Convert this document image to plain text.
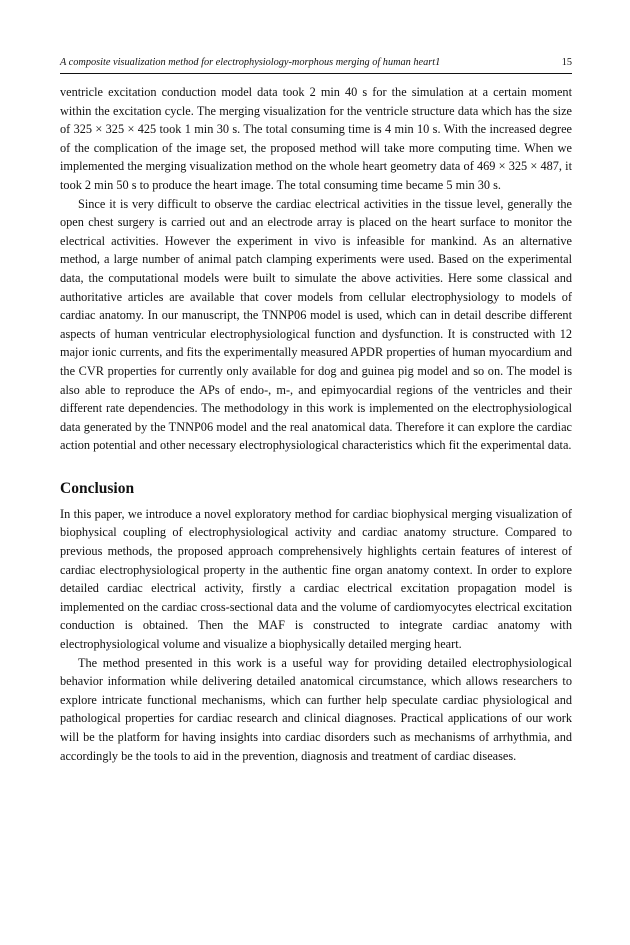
A composite visualization method for electrophysiology-morphous merging of human heart1	15

ventricle excitation conduction model data took 2 min 40 s for the simulation at a certain moment within the excitation cycle. The merging visualization for the ventricle structure data which has the size of 325 × 325 × 425 took 1 min 30 s. The total consuming time is 4 min 10 s. With the increased degree of the complication of the image set, the proposed method will take more computing time. When we implemented the merging visualization method on the whole heart geometry data of 469 × 325 × 487, it took 2 min 50 s to produce the heart image. The total consuming time became 5 min 30 s.

Since it is very difficult to observe the cardiac electrical activities in the tissue level, generally the open chest surgery is carried out and an electrode array is placed on the heart surface to monitor the electrical activities. However the experiment in vivo is infeasible for mankind. As an alternative method, a large number of animal patch clamping experiments were used. Based on the experimental data, the computational models were built to simulate the above activities. Here some classical and authoritative articles are available that cover models from cellular electrophysiology to models of cardiac anatomy. In our manuscript, the TNNP06 model is used, which can in detail describe different aspects of human ventricular electrophysiological function and dysfunction. It is constructed with 12 major ionic currents, and fits the experimentally measured APDR properties of human myocardium and the CVR properties for currently only available for dog and guinea pig model and so on. The model is also able to reproduce the APs of endo-, m-, and epimyocardial regions of the ventricles and their different rate dependencies. The methodology in this work is implemented on the electrophysiological data generated by the TNNP06 model and the real anatomical data. Therefore it can explore the cardiac action potential and other necessary electrophysiological characteristics which fit the experimental data.

Conclusion

In this paper, we introduce a novel exploratory method for cardiac biophysical merging visualization of biophysical coupling of electrophysiological activity and cardiac anatomy structure. Compared to previous methods, the proposed approach comprehensively highlights certain features of interest of cardiac electrophysiological property in the authentic fine organ anatomy context. In order to explore detailed cardiac electrical activity, firstly a cardiac electrical excitation propagation model is implemented on the cardiac cross-sectional data and the volume of cardiomyocytes electrical excitation conduction is obtained. Then the MAF is constructed to integrate cardiac anatomy with electrophysiological volume and visualize a biophysically detailed merging heart.

The method presented in this work is a useful way for providing detailed electrophysiological behavior information while delivering detailed anatomical circumstance, which allows researchers to explore intricate functional mechanisms, which can further help speculate cardiac physiological and pathological properties for cardiac research and clinical diagnoses. Practical applications of our work will be the platform for having insights into cardiac disorders such as mechanisms of arrhythmia, and accordingly be the tools to aid in the prevention, diagnosis and treatment of cardiac diseases.
